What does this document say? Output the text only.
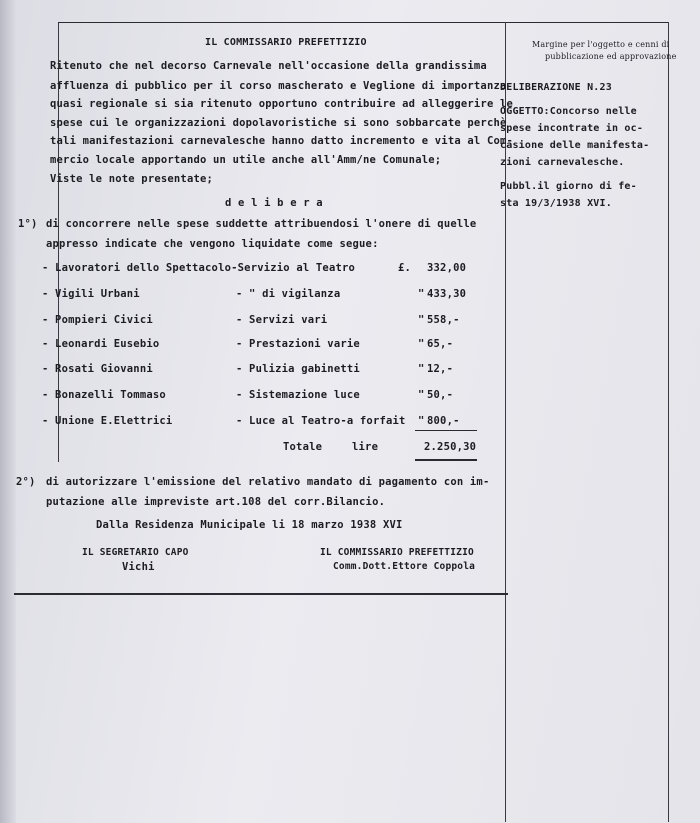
IL COMMISSARIO PREFETTIZIO	Margine per l'oggetto e cenni di
pubblicazione ed approvazione
Ritenuto che nel decorso Carnevale nell'occasione della grandissima
affluenza di pubblico per il corso mascherato e Veglione di importanza
quasi regionale si sia ritenuto opportuno contribuire ad alleggerire le
spese cui le organizzazioni dopolavoristiche si sono sobbarcate perchè
tali manifestazioni carnevalesche hanno datto incremento e vita al Com-
mercio locale apportando un utile anche all'Amm/ne Comunale;
Viste le note presentate;
d e l i b e r a
1°) di concorrere nelle spese suddette attribuendosi l'onere di quelle
appresso indicate che vengono liquidate come segue:
- Lavoratori dello Spettacolo-Servizio al Teatro	£. 332,00
- Vigili Urbani	- " di vigilanza	" 433,30
- Pompieri Civici	- Servizi vari	" 558,-
- Leonardi Eusebio	- Prestazioni varie	" 65,-
- Rosati Giovanni	- Pulizia gabinetti	" 12,-
- Bonazelli Tommaso	- Sistemazione luce	" 50,-
- Unione E.Elettrici	- Luce al Teatro-a forfait " 800,-
Totale	lire	2.250,30
2°) di autorizzare l'emissione del relativo mandato di pagamento con im-
putazione alle impreviste art.108 del corr.Bilancio.
Dalla Residenza Municipale li 18 marzo 1938 XVI
IL SEGRETARIO CAPO
Vichi
IL COMMISSARIO PREFETTIZIO
Comm.Dott.Ettore Coppola
DELIBERAZIONE N.23
OGGETTO:Concorso nelle
spese incontrate in oc-
casione delle manifesta-
zioni carnevalesche.
Pubbl.il giorno di fe-
sta 19/3/1938 XVI.
